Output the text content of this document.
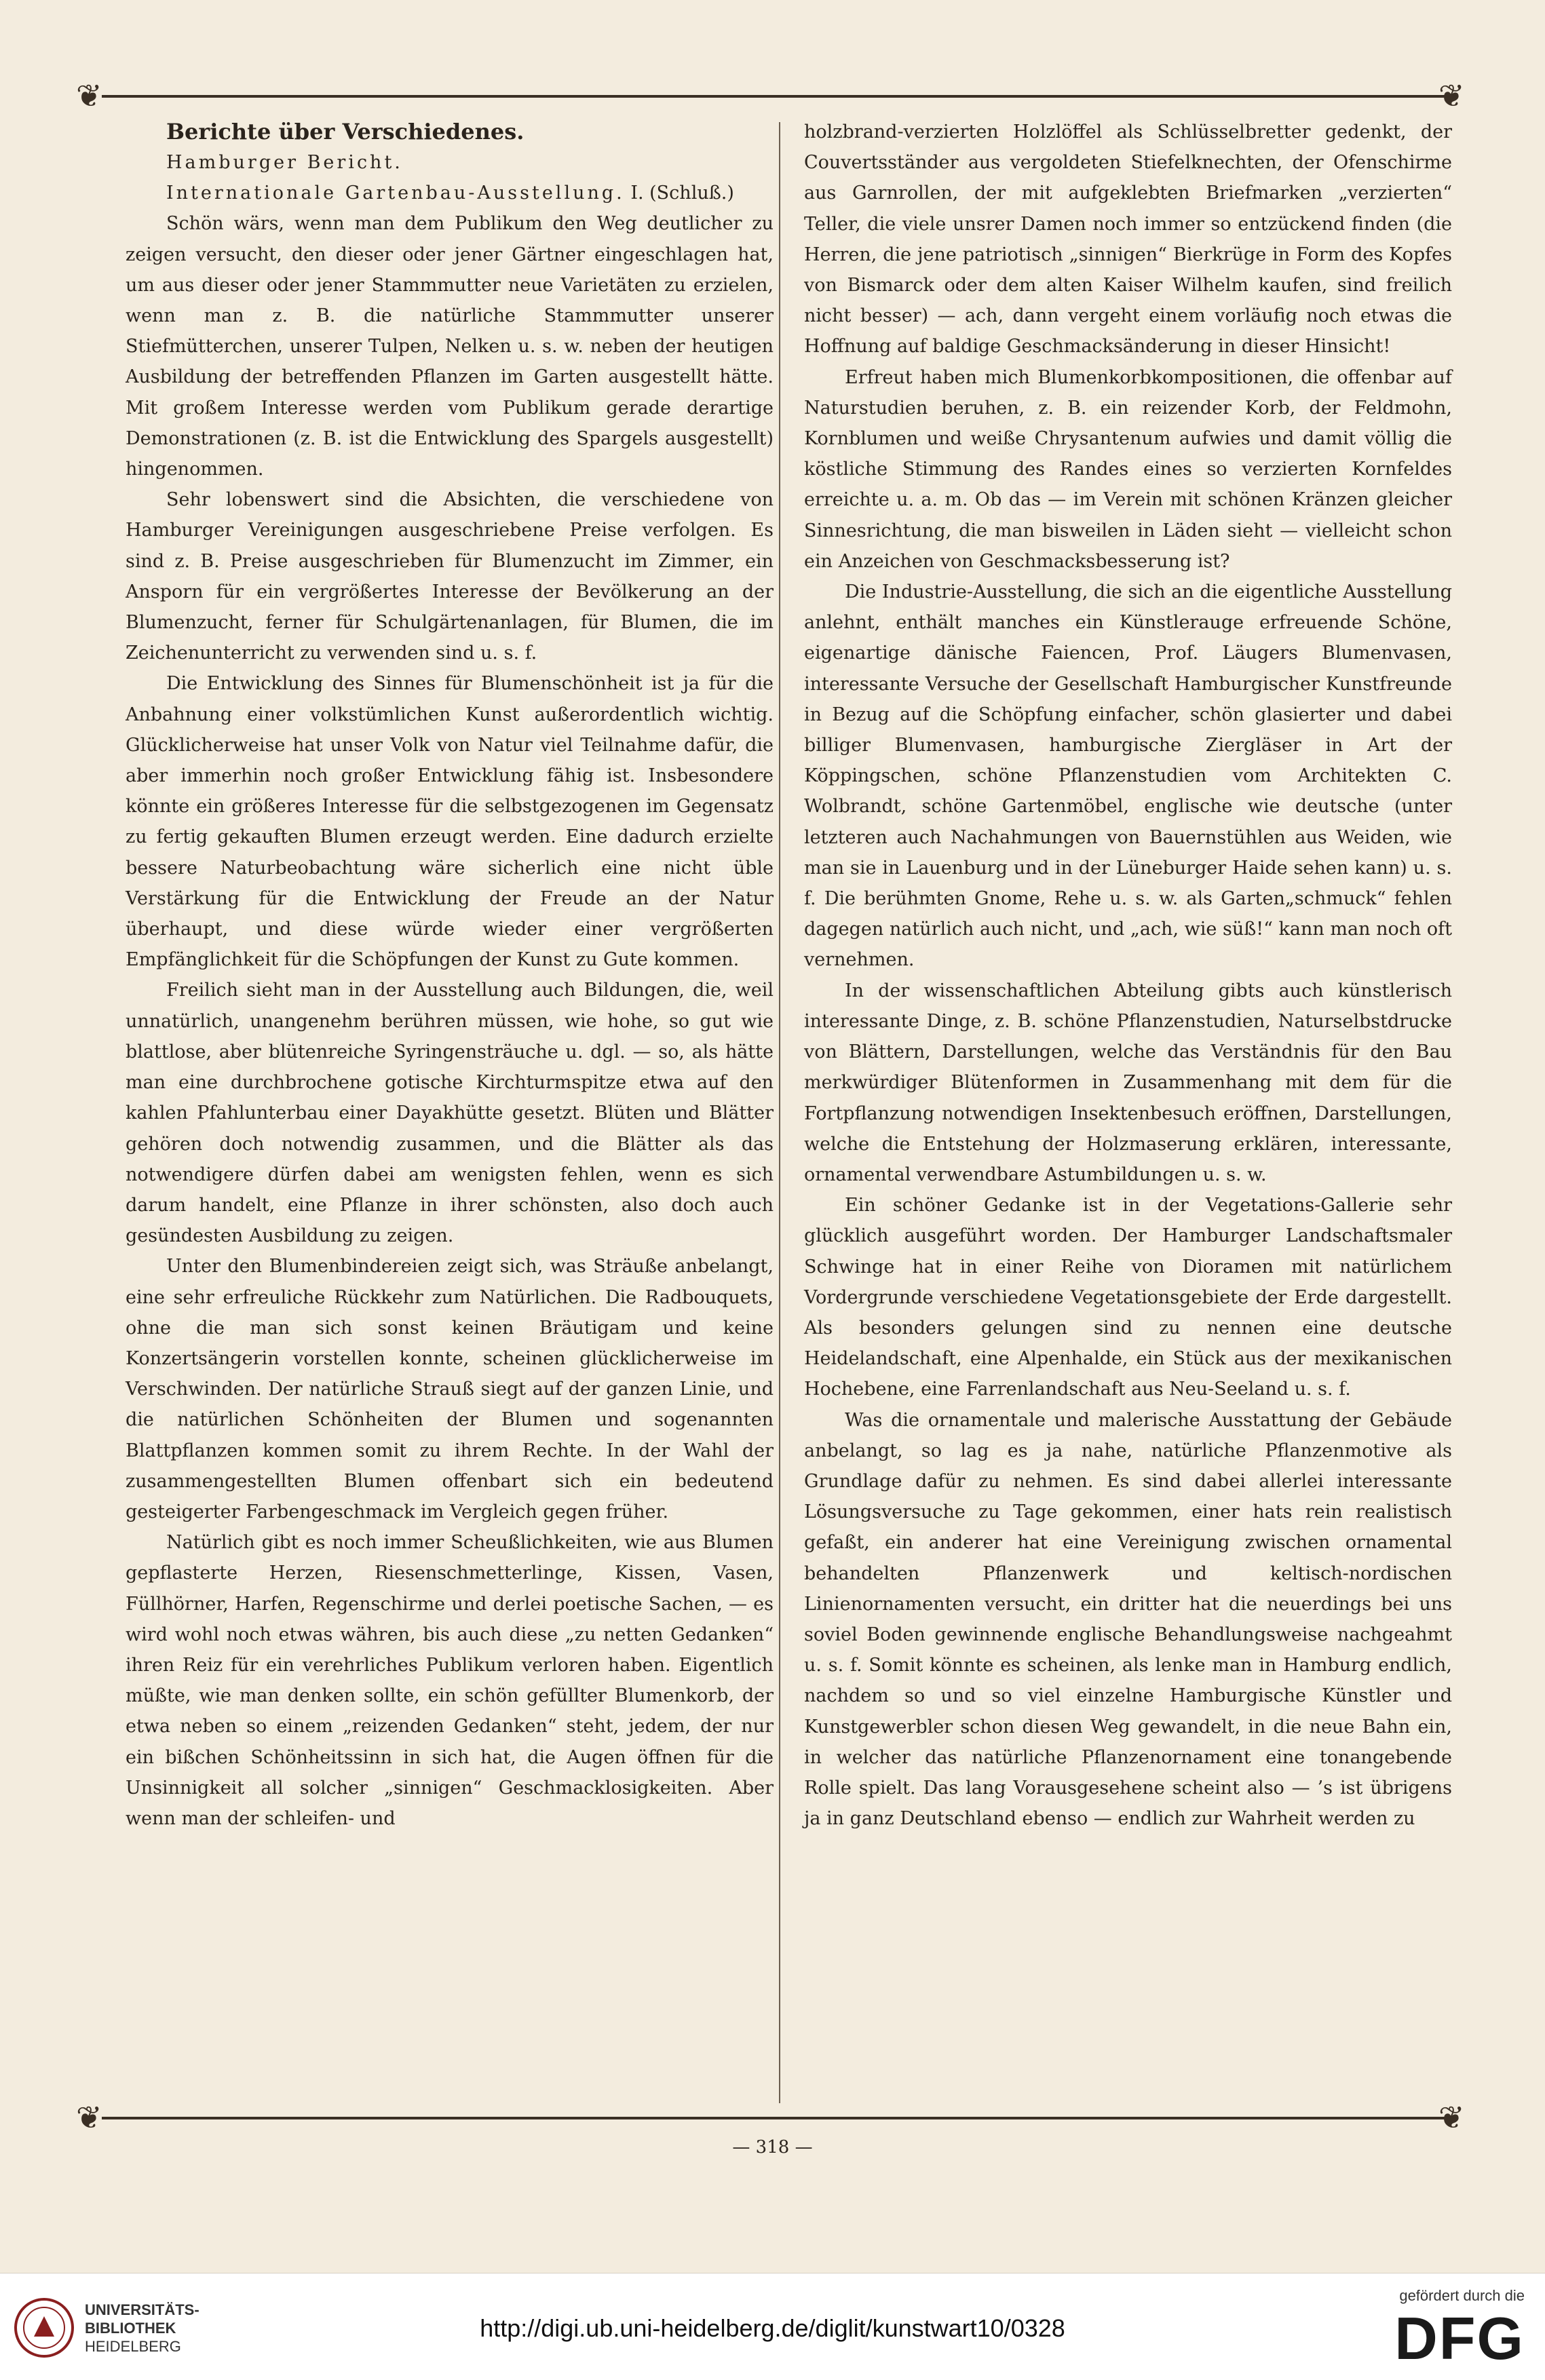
❦	❦
❦	❦
Berichte über Verschiedenes.

Hamburger Bericht.

Internationale Gartenbau-Ausstellung. I. (Schluß.)

Schön wärs, wenn man dem Publikum den Weg deutlicher zu zeigen versucht, den dieser oder jener Gärtner eingeschlagen hat, um aus dieser oder jener Stammmutter neue Varietäten zu erzielen, wenn man z. B. die natürliche Stammmutter unserer Stiefmütterchen, unserer Tulpen, Nelken u. s. w. neben der heutigen Ausbildung der betreffenden Pflanzen im Garten ausgestellt hätte. Mit großem Interesse werden vom Publikum gerade derartige Demonstrationen (z. B. ist die Entwicklung des Spargels ausgestellt) hingenommen.

Sehr lobenswert sind die Absichten, die verschiedene von Hamburger Vereinigungen ausgeschriebene Preise verfolgen. Es sind z. B. Preise ausgeschrieben für Blumenzucht im Zimmer, ein Ansporn für ein vergrößertes Interesse der Bevölkerung an der Blumenzucht, ferner für Schulgärtenanlagen, für Blumen, die im Zeichenunterricht zu verwenden sind u. s. f.

Die Entwicklung des Sinnes für Blumenschönheit ist ja für die Anbahnung einer volkstümlichen Kunst außerordentlich wichtig. Glücklicherweise hat unser Volk von Natur viel Teilnahme dafür, die aber immerhin noch großer Entwicklung fähig ist. Insbesondere könnte ein größeres Interesse für die selbstgezogenen im Gegensatz zu fertig gekauften Blumen erzeugt werden. Eine dadurch erzielte bessere Naturbeobachtung wäre sicherlich eine nicht üble Verstärkung für die Entwicklung der Freude an der Natur überhaupt, und diese würde wieder einer vergrößerten Empfänglichkeit für die Schöpfungen der Kunst zu Gute kommen.

Freilich sieht man in der Ausstellung auch Bildungen, die, weil unnatürlich, unangenehm berühren müssen, wie hohe, so gut wie blattlose, aber blütenreiche Syringensträuche u. dgl. — so, als hätte man eine durchbrochene gotische Kirchturmspitze etwa auf den kahlen Pfahlunterbau einer Dayakhütte gesetzt. Blüten und Blätter gehören doch notwendig zusammen, und die Blätter als das notwendigere dürfen dabei am wenigsten fehlen, wenn es sich darum handelt, eine Pflanze in ihrer schönsten, also doch auch gesündesten Ausbildung zu zeigen.

Unter den Blumenbindereien zeigt sich, was Sträuße anbelangt, eine sehr erfreuliche Rückkehr zum Natürlichen. Die Radbouquets, ohne die man sich sonst keinen Bräutigam und keine Konzertsängerin vorstellen konnte, scheinen glücklicherweise im Verschwinden. Der natürliche Strauß siegt auf der ganzen Linie, und die natürlichen Schönheiten der Blumen und sogenannten Blattpflanzen kommen somit zu ihrem Rechte. In der Wahl der zusammengestellten Blumen offenbart sich ein bedeutend gesteigerter Farbengeschmack im Vergleich gegen früher.

Natürlich gibt es noch immer Scheußlichkeiten, wie aus Blumen gepflasterte Herzen, Riesenschmetterlinge, Kissen, Vasen, Füllhörner, Harfen, Regenschirme und derlei poetische Sachen, — es wird wohl noch etwas währen, bis auch diese „zu netten Gedanken“ ihren Reiz für ein verehrliches Publikum verloren haben. Eigentlich müßte, wie man denken sollte, ein schön gefüllter Blumenkorb, der etwa neben so einem „reizenden Gedanken“ steht, jedem, der nur ein bißchen Schönheitssinn in sich hat, die Augen öffnen für die Unsinnigkeit all solcher „sinnigen“ Geschmacklosigkeiten. Aber wenn man der schleifen- und

holzbrand-verzierten Holzlöffel als Schlüsselbretter gedenkt, der Couvertsständer aus vergoldeten Stiefelknechten, der Ofenschirme aus Garnrollen, der mit aufgeklebten Briefmarken „verzierten“ Teller, die viele unsrer Damen noch immer so entzückend finden (die Herren, die jene patriotisch „sinnigen“ Bierkrüge in Form des Kopfes von Bismarck oder dem alten Kaiser Wilhelm kaufen, sind freilich nicht besser) — ach, dann vergeht einem vorläufig noch etwas die Hoffnung auf baldige Geschmacksänderung in dieser Hinsicht!

Erfreut haben mich Blumenkorbkompositionen, die offenbar auf Naturstudien beruhen, z. B. ein reizender Korb, der Feldmohn, Kornblumen und weiße Chrysantenum aufwies und damit völlig die köstliche Stimmung des Randes eines so verzierten Kornfeldes erreichte u. a. m. Ob das — im Verein mit schönen Kränzen gleicher Sinnesrichtung, die man bisweilen in Läden sieht — vielleicht schon ein Anzeichen von Geschmacksbesserung ist?

Die Industrie-Ausstellung, die sich an die eigentliche Ausstellung anlehnt, enthält manches ein Künstlerauge erfreuende Schöne, eigenartige dänische Faiencen, Prof. Läugers Blumenvasen, interessante Versuche der Gesellschaft Hamburgischer Kunstfreunde in Bezug auf die Schöpfung einfacher, schön glasierter und dabei billiger Blumenvasen, hamburgische Ziergläser in Art der Köppingschen, schöne Pflanzenstudien vom Architekten C. Wolbrandt, schöne Gartenmöbel, englische wie deutsche (unter letzteren auch Nachahmungen von Bauernstühlen aus Weiden, wie man sie in Lauenburg und in der Lüneburger Haide sehen kann) u. s. f. Die berühmten Gnome, Rehe u. s. w. als Garten„schmuck“ fehlen dagegen natürlich auch nicht, und „ach, wie süß!“ kann man noch oft vernehmen.

In der wissenschaftlichen Abteilung gibts auch künstlerisch interessante Dinge, z. B. schöne Pflanzenstudien, Naturselbstdrucke von Blättern, Darstellungen, welche das Verständnis für den Bau merkwürdiger Blütenformen in Zusammenhang mit dem für die Fortpflanzung notwendigen Insektenbesuch eröffnen, Darstellungen, welche die Entstehung der Holzmaserung erklären, interessante, ornamental verwendbare Astumbildungen u. s. w.

Ein schöner Gedanke ist in der Vegetations-Gallerie sehr glücklich ausgeführt worden. Der Hamburger Landschaftsmaler Schwinge hat in einer Reihe von Dioramen mit natürlichem Vordergrunde verschiedene Vegetationsgebiete der Erde dargestellt. Als besonders gelungen sind zu nennen eine deutsche Heidelandschaft, eine Alpenhalde, ein Stück aus der mexikanischen Hochebene, eine Farrenlandschaft aus Neu-Seeland u. s. f.

Was die ornamentale und malerische Ausstattung der Gebäude anbelangt, so lag es ja nahe, natürliche Pflanzenmotive als Grundlage dafür zu nehmen. Es sind dabei allerlei interessante Lösungsversuche zu Tage gekommen, einer hats rein realistisch gefaßt, ein anderer hat eine Vereinigung zwischen ornamental behandelten Pflanzenwerk und keltisch-nordischen Linienornamenten versucht, ein dritter hat die neuerdings bei uns soviel Boden gewinnende englische Behandlungsweise nachgeahmt u. s. f. Somit könnte es scheinen, als lenke man in Hamburg endlich, nachdem so und so viel einzelne Hamburgische Künstler und Kunstgewerbler schon diesen Weg gewandelt, in die neue Bahn ein, in welcher das natürliche Pflanzenornament eine tonangebende Rolle spielt. Das lang Vorausgesehene scheint also — ’s ist übrigens ja in ganz Deutschland ebenso — endlich zur Wahrheit werden zu

— 318 —
UNIVERSITÄTS-
BIBLIOTHEK
HEIDELBERG
http://digi.ub.uni-heidelberg.de/diglit/kunstwart10/0328
gefördert durch die
DFG
